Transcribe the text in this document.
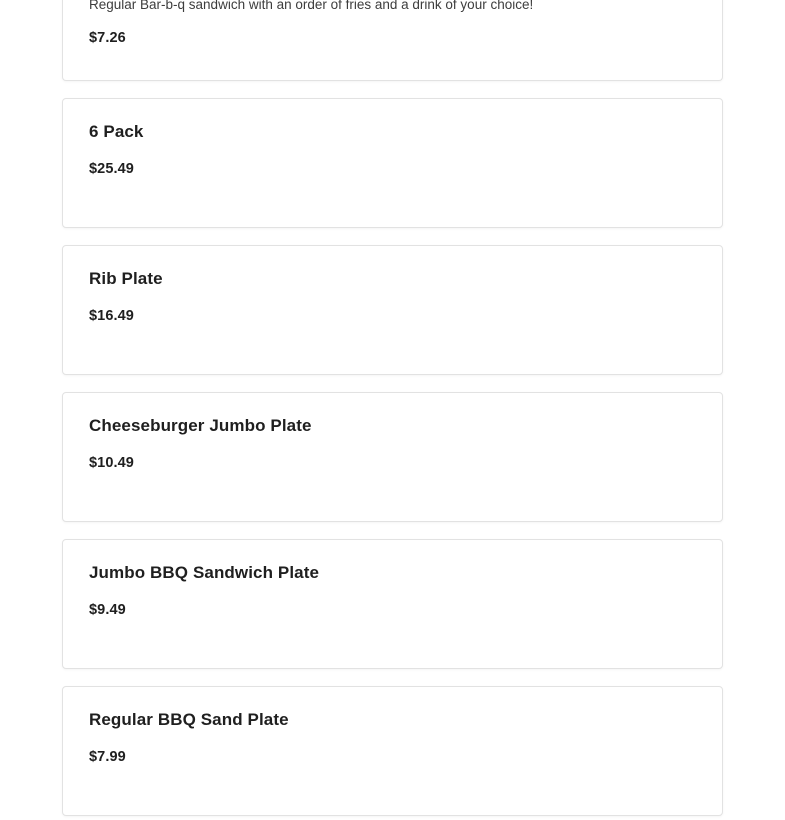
Regular Bar-b-q sandwich with an order of fries and a drink of your choice!
$7.26
6 Pack
$25.49
Rib Plate
$16.49
Cheeseburger Jumbo Plate
$10.49
Jumbo BBQ Sandwich Plate
$9.49
Regular BBQ Sand Plate
$7.99
